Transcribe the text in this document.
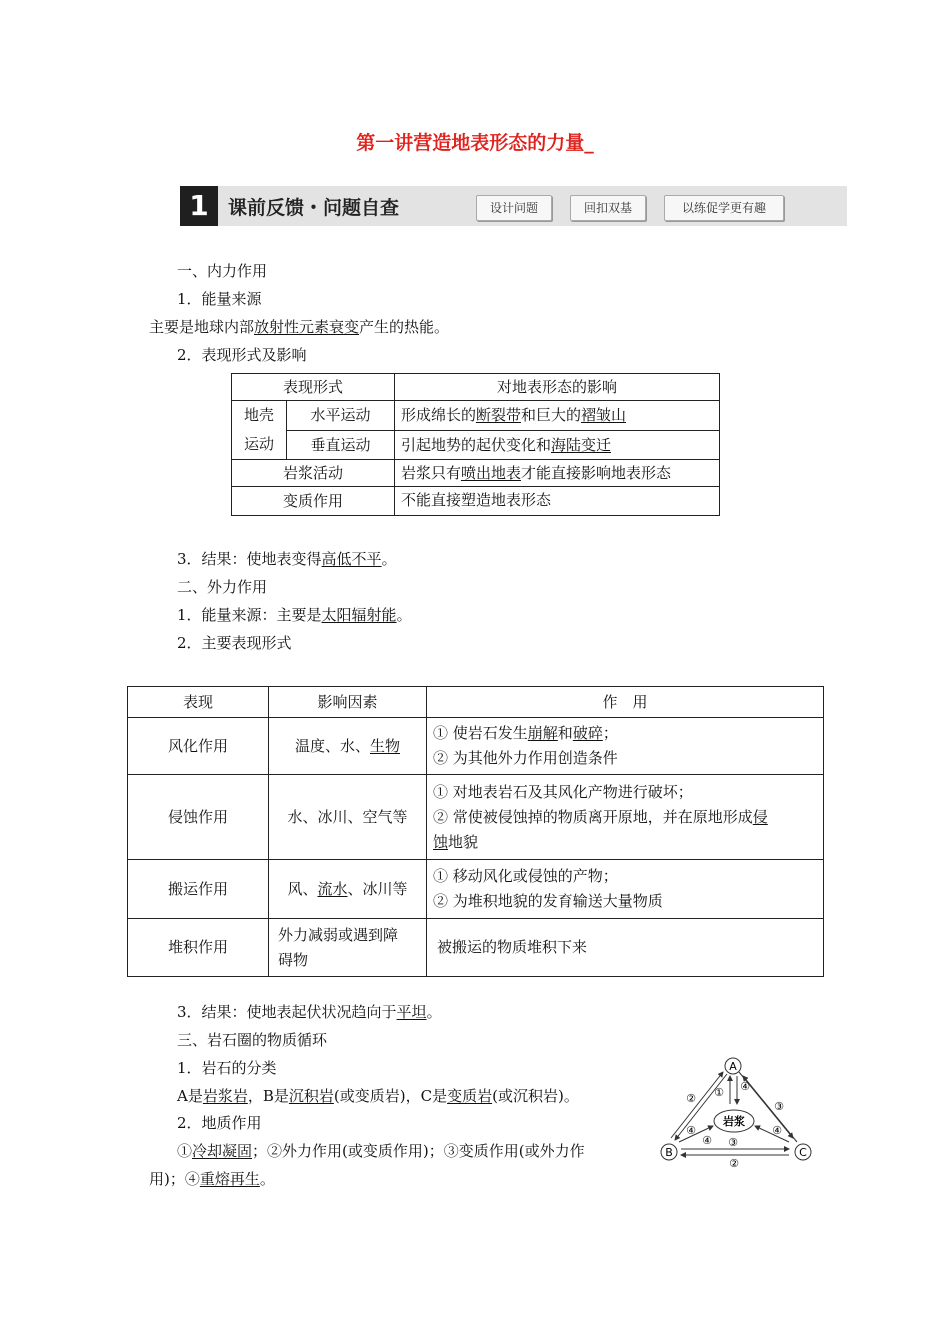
第一讲营造地表形态的力量_
1	课前反馈・问题自查	设计问题	回扣双基	以练促学更有趣
一、内力作用
1．能量来源
主要是地球内部放射性元素衰变产生的热能。
2．表现形式及影响
表现形式		对地表形态的影响
地壳
运动	水平运动	形成绵长的断裂带和巨大的褶皱山
	垂直运动	引起地势的起伏变化和海陆变迁
岩浆活动		岩浆只有喷出地表才能直接影响地表形态
变质作用		不能直接塑造地表形态
3．结果：使地表变得高低不平。
二、外力作用
1．能量来源：主要是太阳辐射能。
2．主要表现形式
表现	影响因素	作　用
风化作用	温度、水、生物	① 使岩石发生崩解和破碎；
② 为其他外力作用创造条件
侵蚀作用	水、冰川、空气等	① 对地表岩石及其风化产物进行破坏；
② 常使被侵蚀掉的物质离开原地，并在原地形成侵
蚀地貌
搬运作用	风、流水、冰川等	① 移动风化或侵蚀的产物；
② 为堆积地貌的发育输送大量物质
堆积作用	外力减弱或遇到障
碍物	被搬运的物质堆积下来
3．结果：使地表起伏状况趋向于平坦。
三、岩石圈的物质循环
1．岩石的分类
A是岩浆岩，B是沉积岩(或变质岩)，C是变质岩(或沉积岩)。
2．地质作用
①冷却凝固；②外力作用(或变质作用)；③变质作用(或外力作
用)；④重熔再生。
A
B	C
岩浆
②
④
③
④
① ④
③
④
②
